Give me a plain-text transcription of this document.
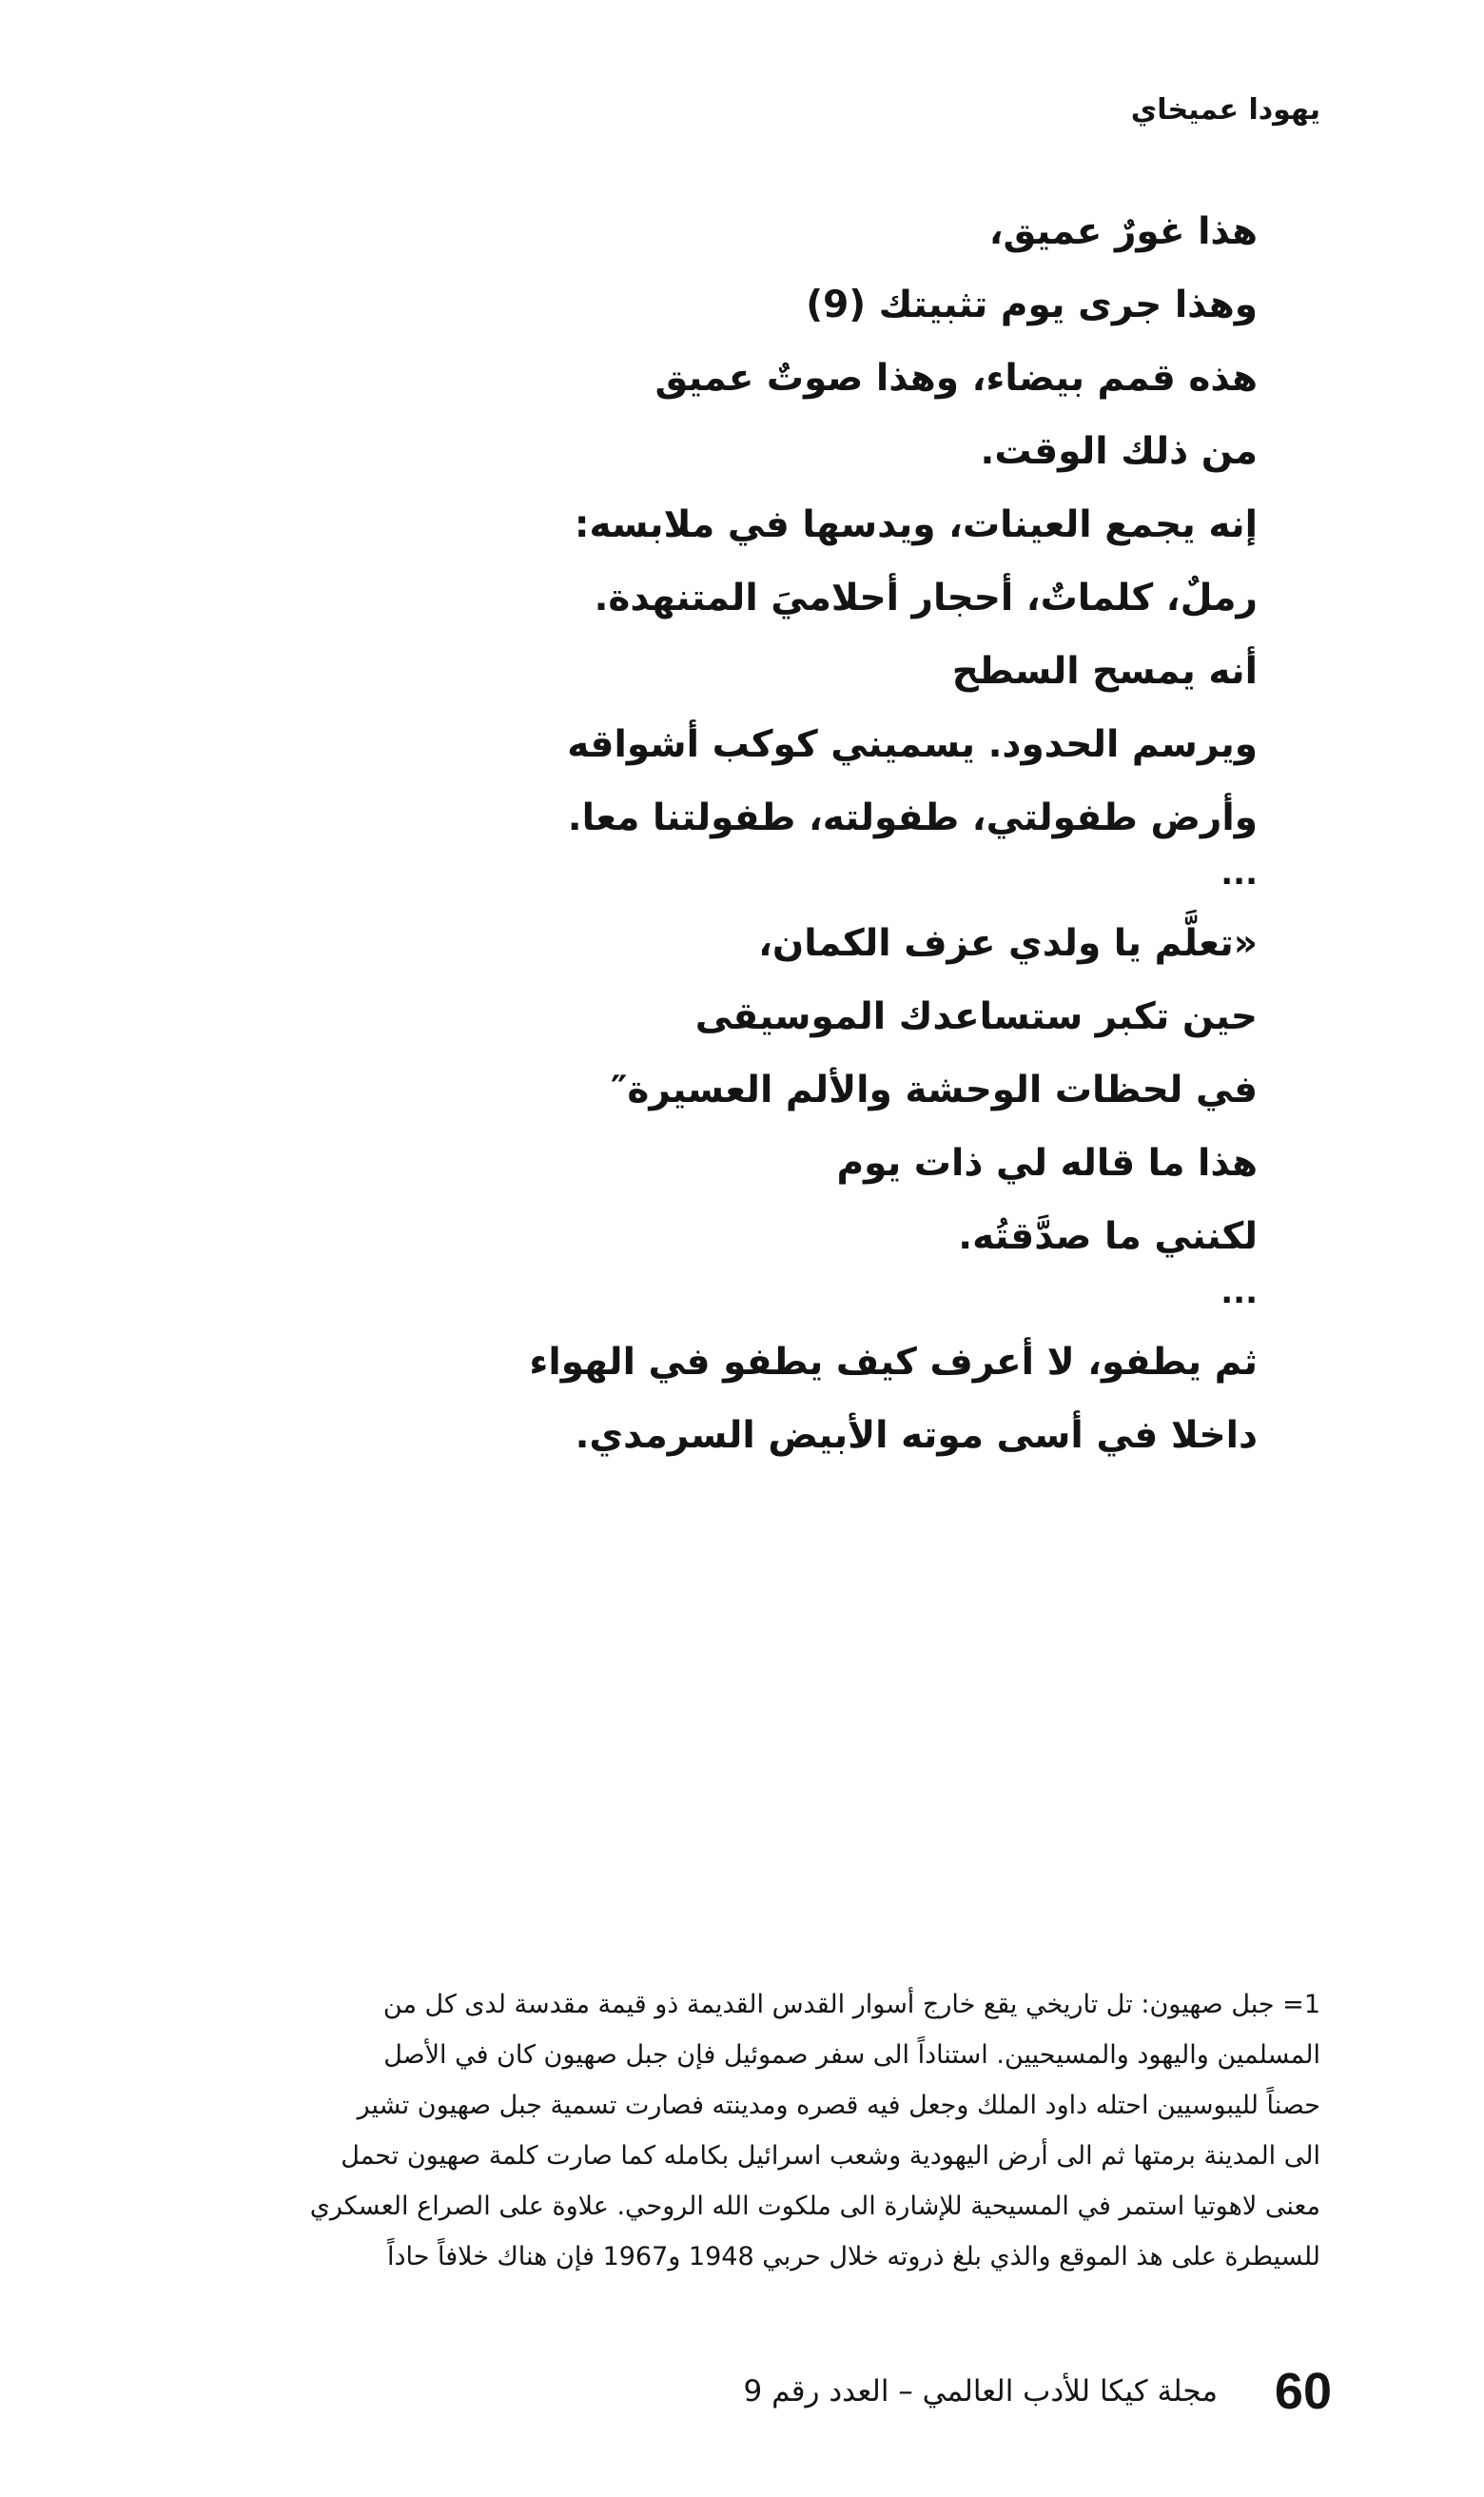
يهودا عميخاي
هذا غورٌ عميق،
وهذا جرى يوم تثبيتك (9)
هذه قمم بيضاء، وهذا صوتٌ عميق
من ذلك الوقت.
إنه يجمع العينات، ويدسها في ملابسه:
رملٌ، كلماتٌ، أحجار أحلاميَ المتنهدة.
أنه يمسح السطح
ويرسم الحدود. يسميني كوكب أشواقه
وأرض طفولتي، طفولته، طفولتنا معا.
...
«تعلَّم يا ولدي عزف الكمان،
حين تكبر ستساعدك الموسيقى
في لحظات الوحشة والألم العسيرة″
هذا ما قاله لي ذات يوم
لكنني ما صدَّقتُه.
...
ثم يطفو، لا أعرف كيف يطفو في الهواء
داخلا في أسى موته الأبيض السرمدي.
1= جبل صهيون: تل تاريخي يقع خارج أسوار القدس القديمة ذو قيمة مقدسة لدى كل من
المسلمين واليهود والمسيحيين. استناداً الى سفر صموئيل فإن جبل صهيون كان في الأصل
حصناً لليبوسيين احتله داود الملك وجعل فيه قصره ومدينته فصارت تسمية جبل صهيون تشير
الى المدينة برمتها ثم الى أرض اليهودية وشعب اسرائيل بكامله كما صارت كلمة صهيون تحمل
معنى لاهوتيا استمر في المسيحية للإشارة الى ملكوت الله الروحي. علاوة على الصراع العسكري
للسيطرة على هذ الموقع والذي بلغ ذروته خلال حربي 1948 و1967 فإن هناك خلافاً حاداً
مجلة كيكا للأدب العالمي – العدد رقم 9 60
